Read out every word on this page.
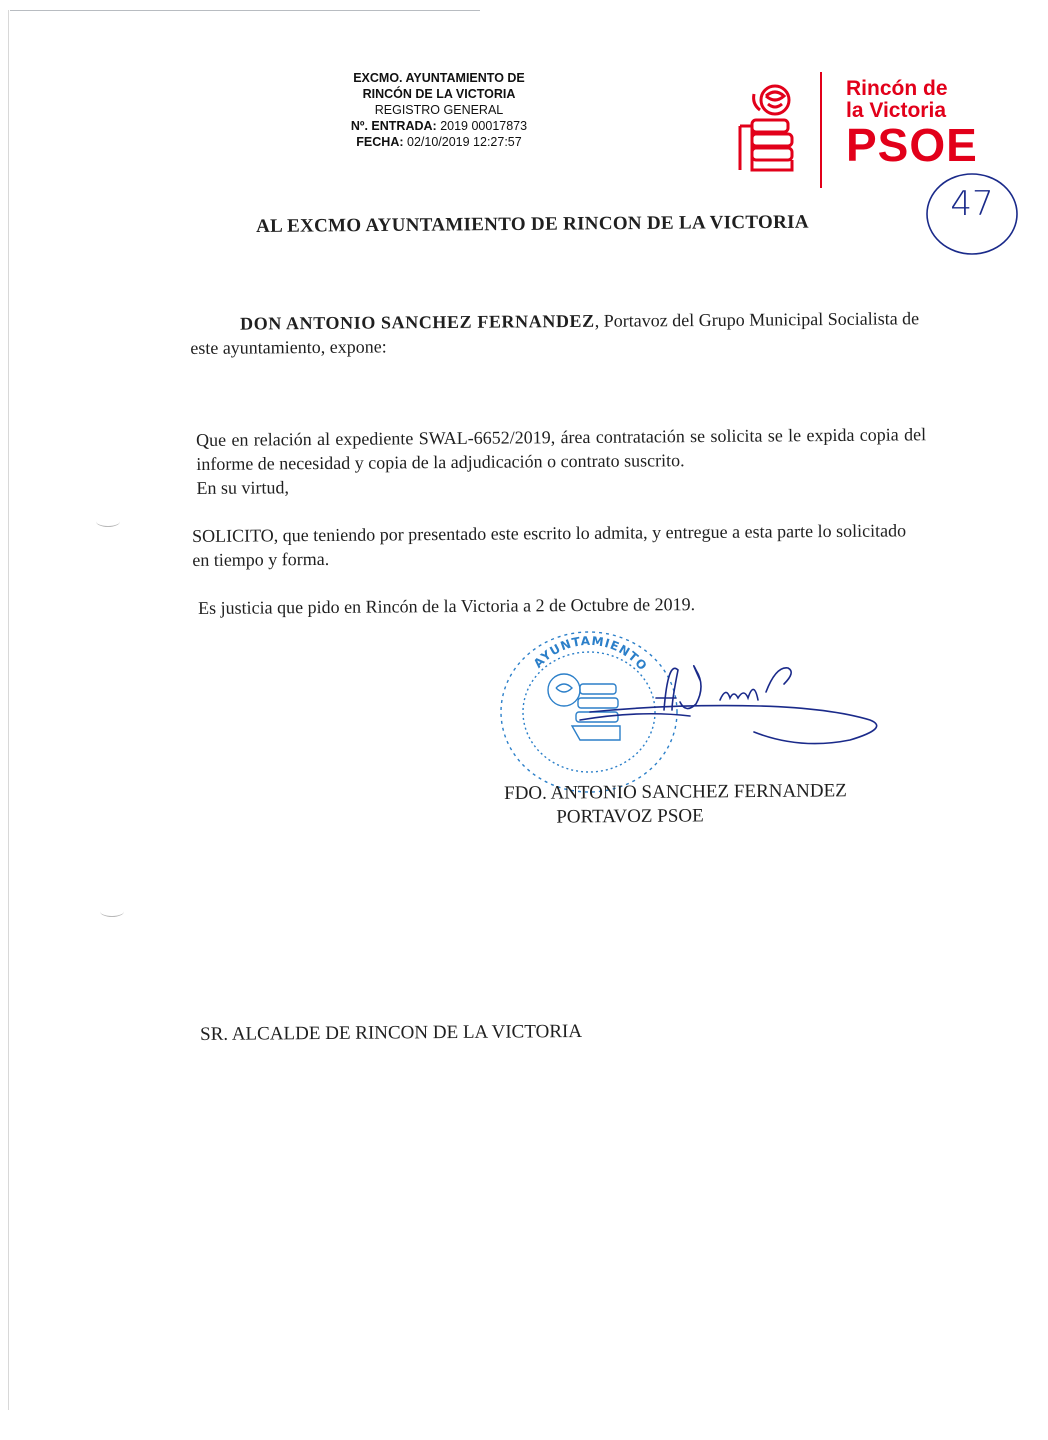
EXCMO. AYUNTAMIENTO DE
RINCÓN DE LA VICTORIA
REGISTRO GENERAL
Nº. ENTRADA: 2019 00017873
FECHA: 02/10/2019 12:27:57
Rincón de
la Victoria
PSOE
47
AL EXCMO AYUNTAMIENTO DE RINCON DE LA VICTORIA
DON ANTONIO SANCHEZ FERNANDEZ, Portavoz del Grupo Municipal Socialista de este ayuntamiento, expone:
Que en relación al expediente SWAL-6652/2019, área contratación se solicita se le expida copia del informe de necesidad y copia de la adjudicación o contrato suscrito.
En su virtud,
SOLICITO, que teniendo por presentado este escrito lo admita, y entregue a esta parte lo solicitado en tiempo y forma.
Es justicia que pido en Rincón de la Victoria a 2 de Octubre de 2019.
AYUNTAMIENTO
FDO. ANTONIO SANCHEZ FERNANDEZ
PORTAVOZ PSOE
SR. ALCALDE DE RINCON DE LA VICTORIA
